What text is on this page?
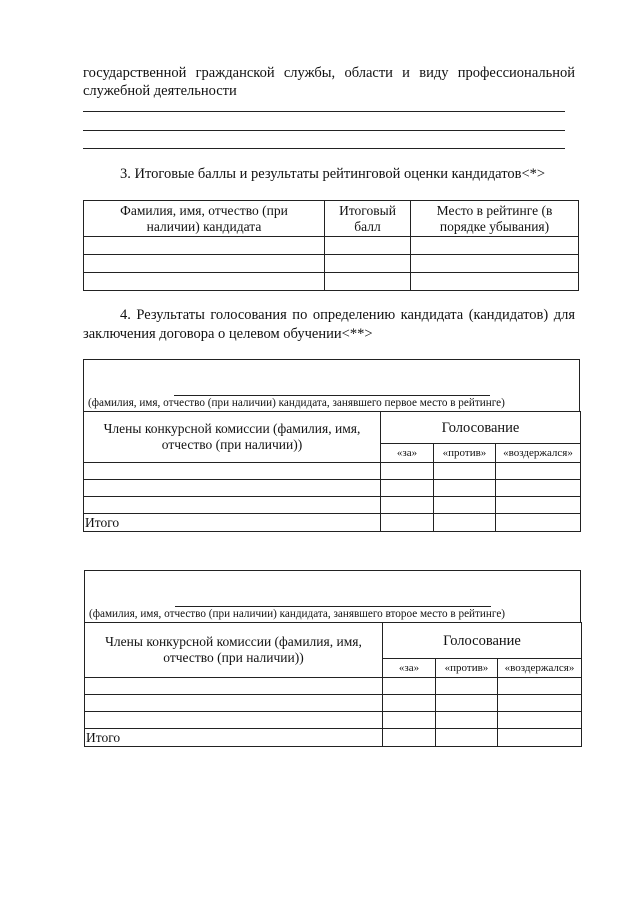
государственной гражданской службы, области и виду профессиональной
служебной деятельности
3. Итоговые баллы и результаты рейтинговой оценки кандидатов<*>
Фамилия, имя, отчество (при наличии) кандидата	Итоговый балл	Место в рейтинге (в порядке убывания)

4. Результаты голосования по определению кандидата (кандидатов) для заключения договора о целевом обучении<**>
(фамилия, имя, отчество (при наличии) кандидата, занявшего первое место в рейтинге)
Члены конкурсной комиссии (фамилия, имя, отчество (при наличии))	Голосование		
	«за»	«против»	«воздержался»

Итого			
(фамилия, имя, отчество (при наличии) кандидата, занявшего второе место в рейтинге)
Члены конкурсной комиссии (фамилия, имя, отчество (при наличии))	Голосование		
	«за»	«против»	«воздержался»

Итого			
